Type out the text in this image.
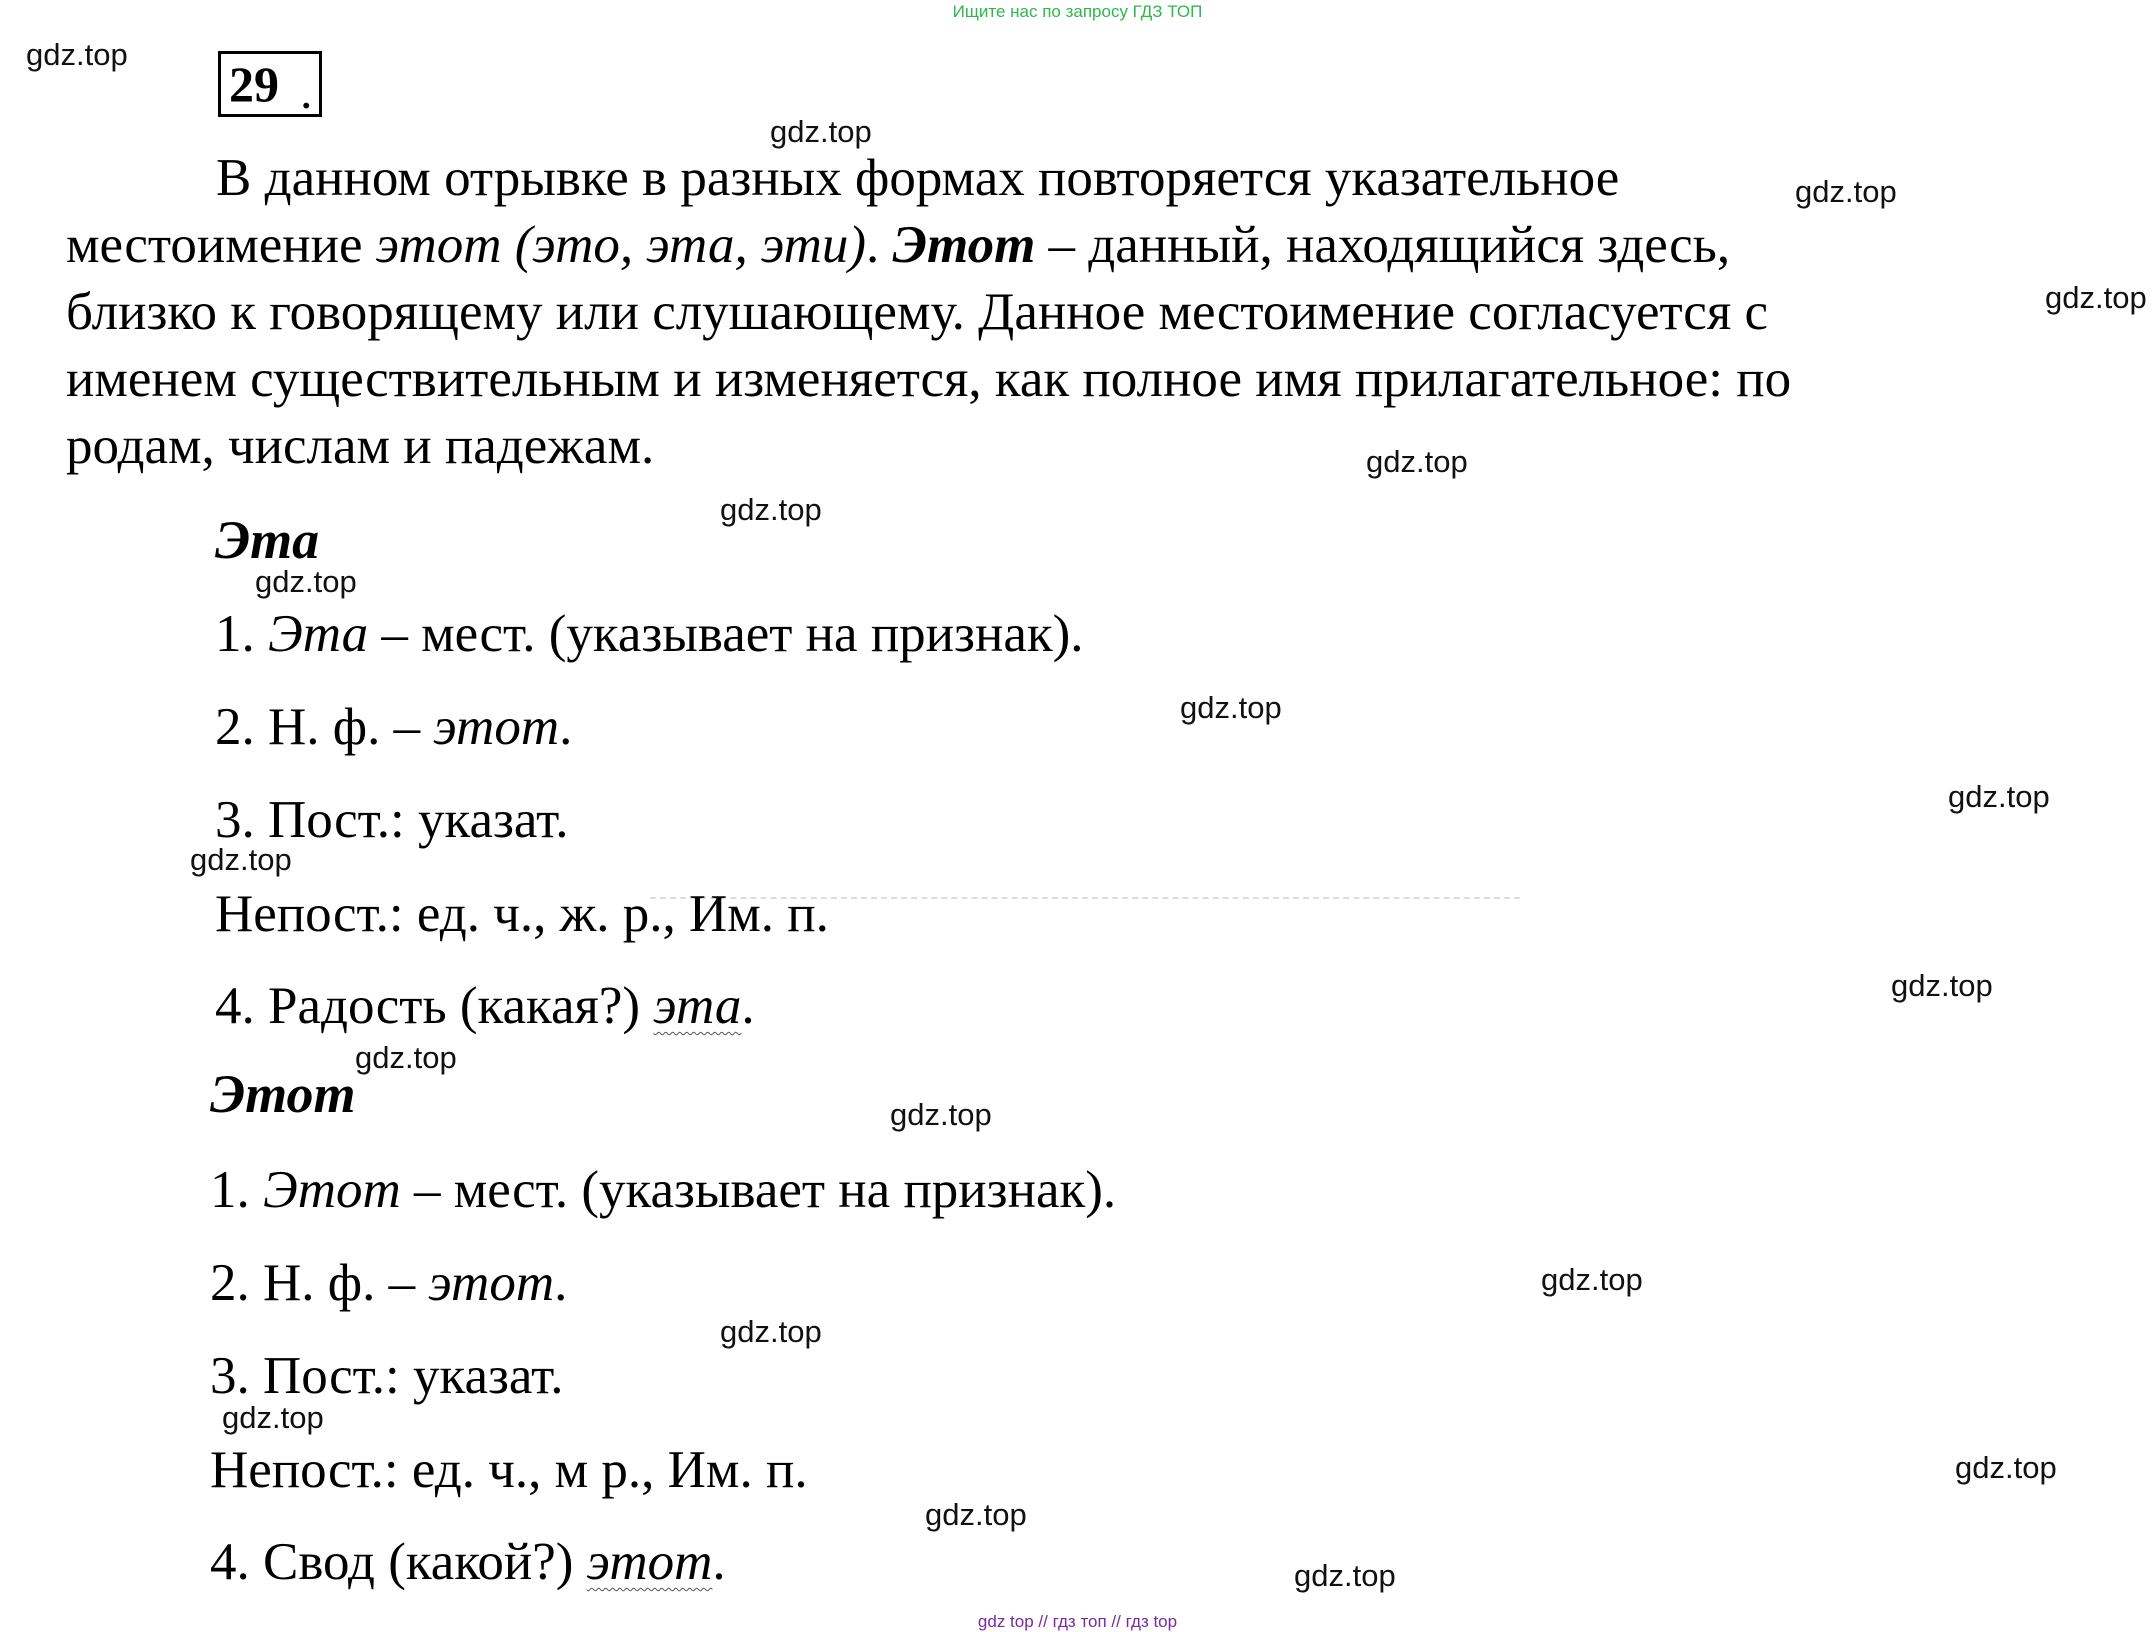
Ищите нас по запросу ГДЗ ТОП
gdz.top
gdz.top
gdz.top
gdz.top
gdz.top
gdz.top
gdz.top
gdz.top
gdz.top
gdz.top
gdz.top
gdz.top
gdz.top
gdz.top
gdz.top
gdz.top
gdz.top
gdz.top
gdz.top
29 .
В данном отрывке в разных формах повторяется указательное
местоимение этот (это, эта, эти). Этот – данный, находящийся здесь,
близко к говорящему или слушающему. Данное местоимение согласуется с
именем существительным и изменяется, как полное имя прилагательное: по
родам, числам и падежам.
Эта
1. Эта – мест. (указывает на признак).
2. Н. ф. – этот.
3. Пост.: указат.
Непост.: ед. ч., ж. р., Им. п.
4. Радость (какая?) эта.
Этот
1. Этот – мест. (указывает на признак).
2. Н. ф. – этот.
3. Пост.: указат.
Непост.: ед. ч., м р., Им. п.
4. Свод (какой?) этот.
gdz top // гдз топ // гдз top
